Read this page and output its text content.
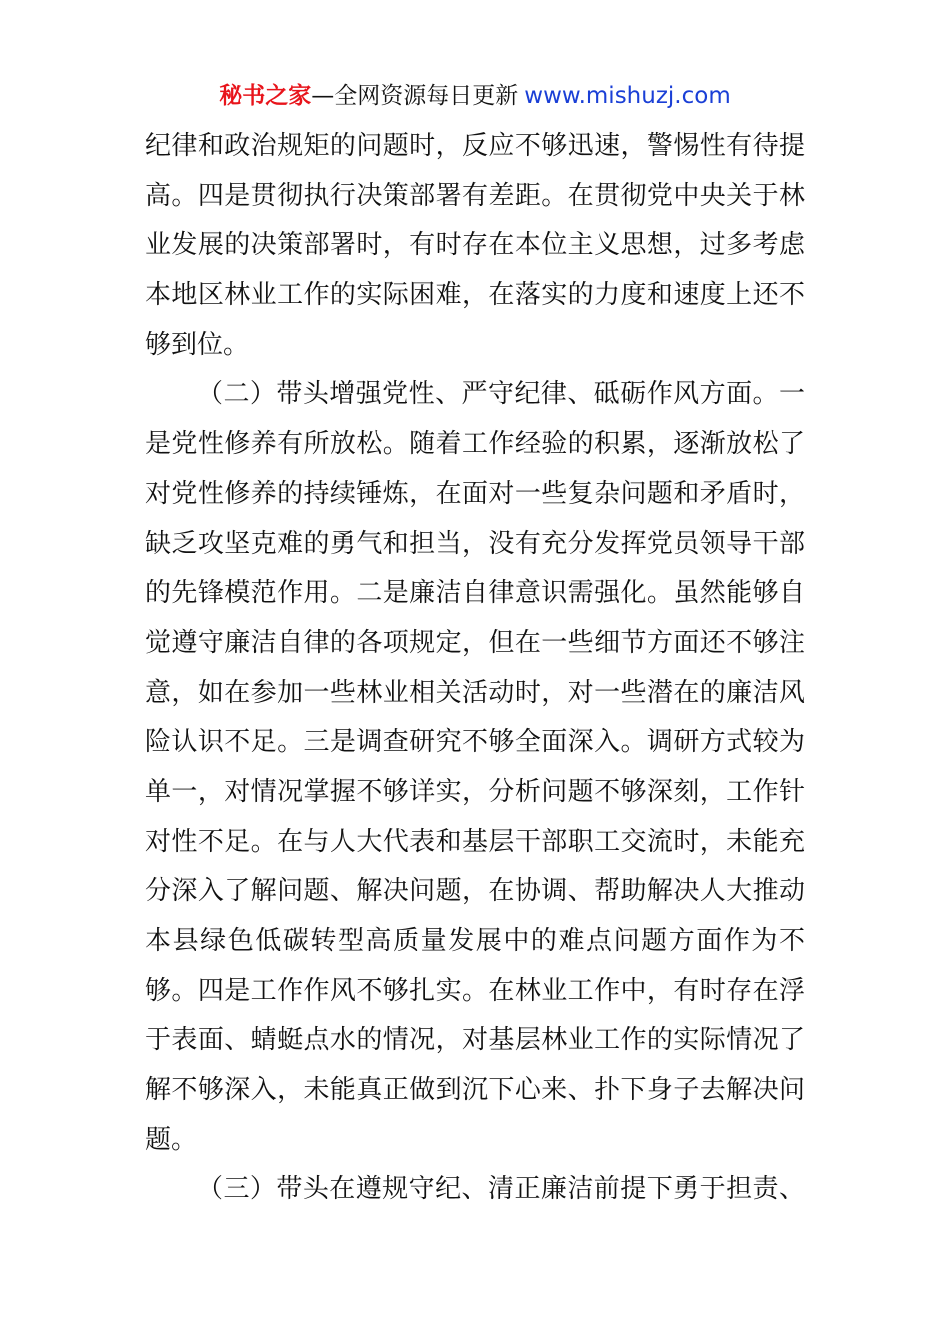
秘书之家—全网资源每日更新 www.mishuzj.com
纪律和政治规矩的问题时，反应不够迅速，警惕性有待提
高。四是贯彻执行决策部署有差距。在贯彻党中央关于林
业发展的决策部署时，有时存在本位主义思想，过多考虑
本地区林业工作的实际困难，在落实的力度和速度上还不
够到位。
（二）带头增强党性、严守纪律、砥砺作风方面。一
是党性修养有所放松。随着工作经验的积累，逐渐放松了
对党性修养的持续锤炼，在面对一些复杂问题和矛盾时，
缺乏攻坚克难的勇气和担当，没有充分发挥党员领导干部
的先锋模范作用。二是廉洁自律意识需强化。虽然能够自
觉遵守廉洁自律的各项规定，但在一些细节方面还不够注
意，如在参加一些林业相关活动时，对一些潜在的廉洁风
险认识不足。三是调查研究不够全面深入。调研方式较为
单一，对情况掌握不够详实，分析问题不够深刻，工作针
对性不足。在与人大代表和基层干部职工交流时，未能充
分深入了解问题、解决问题，在协调、帮助解决人大推动
本县绿色低碳转型高质量发展中的难点问题方面作为不
够。四是工作作风不够扎实。在林业工作中，有时存在浮
于表面、蜻蜓点水的情况，对基层林业工作的实际情况了
解不够深入，未能真正做到沉下心来、扑下身子去解决问
题。
（三）带头在遵规守纪、清正廉洁前提下勇于担责、
